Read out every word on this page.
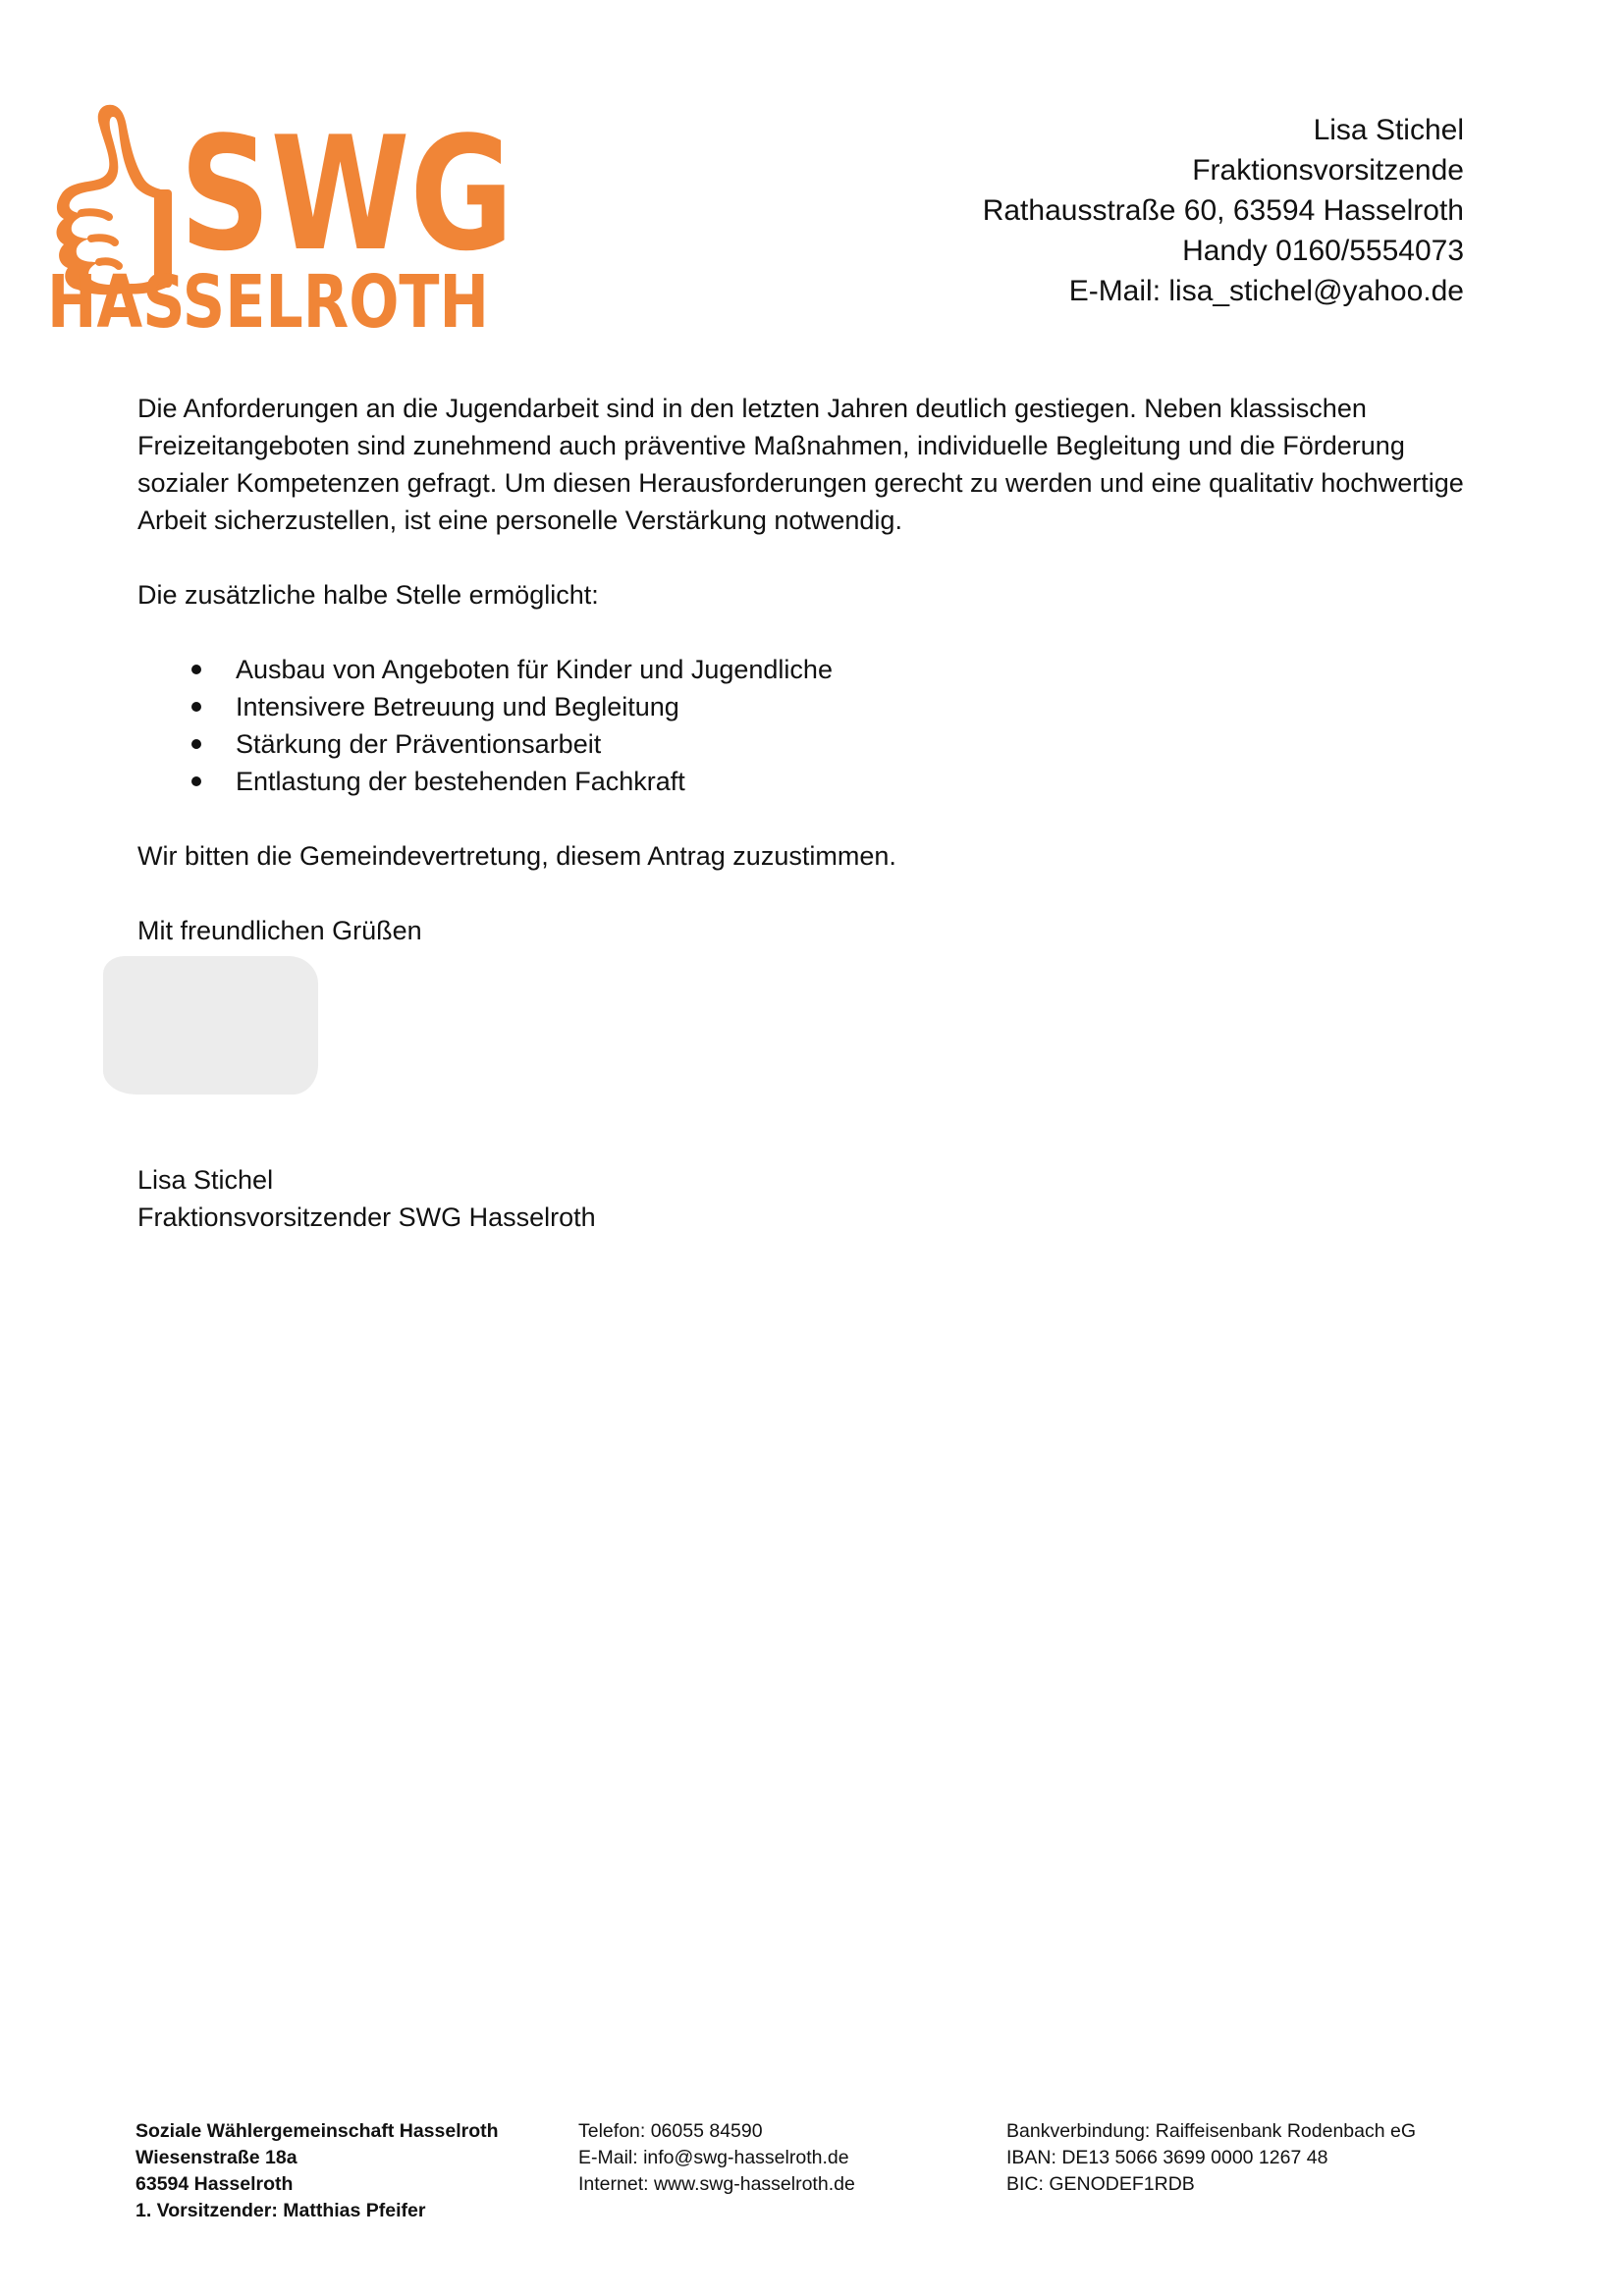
SWG
HASSELROTH
Lisa Stichel
Fraktionsvorsitzende
Rathausstraße 60, 63594 Hasselroth
Handy 0160/5554073
E-Mail: lisa_stichel@yahoo.de

Die Anforderungen an die Jugendarbeit sind in den letzten Jahren deutlich gestiegen. Neben klassischen

Freizeitangeboten sind zunehmend auch präventive Maßnahmen, individuelle Begleitung und die Förderung

sozialer Kompetenzen gefragt. Um diesen Herausforderungen gerecht zu werden und eine qualitativ hochwertige

Arbeit sicherzustellen, ist eine personelle Verstärkung notwendig.

Die zusätzliche halbe Stelle ermöglicht:

Ausbau von Angeboten für Kinder und Jugendliche
Intensivere Betreuung und Begleitung
Stärkung der Präventionsarbeit
Entlastung der bestehenden Fachkraft

Wir bitten die Gemeindevertretung, diesem Antrag zuzustimmen.

Mit freundlichen Grüßen

Lisa Stichel
Fraktionsvorsitzender SWG Hasselroth
Soziale Wählergemeinschaft Hasselroth
Wiesenstraße 18a
63594 Hasselroth
1. Vorsitzender: Matthias Pfeifer
Telefon: 06055 84590
E-Mail: info@swg-hasselroth.de
Internet: www.swg-hasselroth.de
Bankverbindung: Raiffeisenbank Rodenbach eG
IBAN: DE13 5066 3699 0000 1267 48
BIC: GENODEF1RDB
